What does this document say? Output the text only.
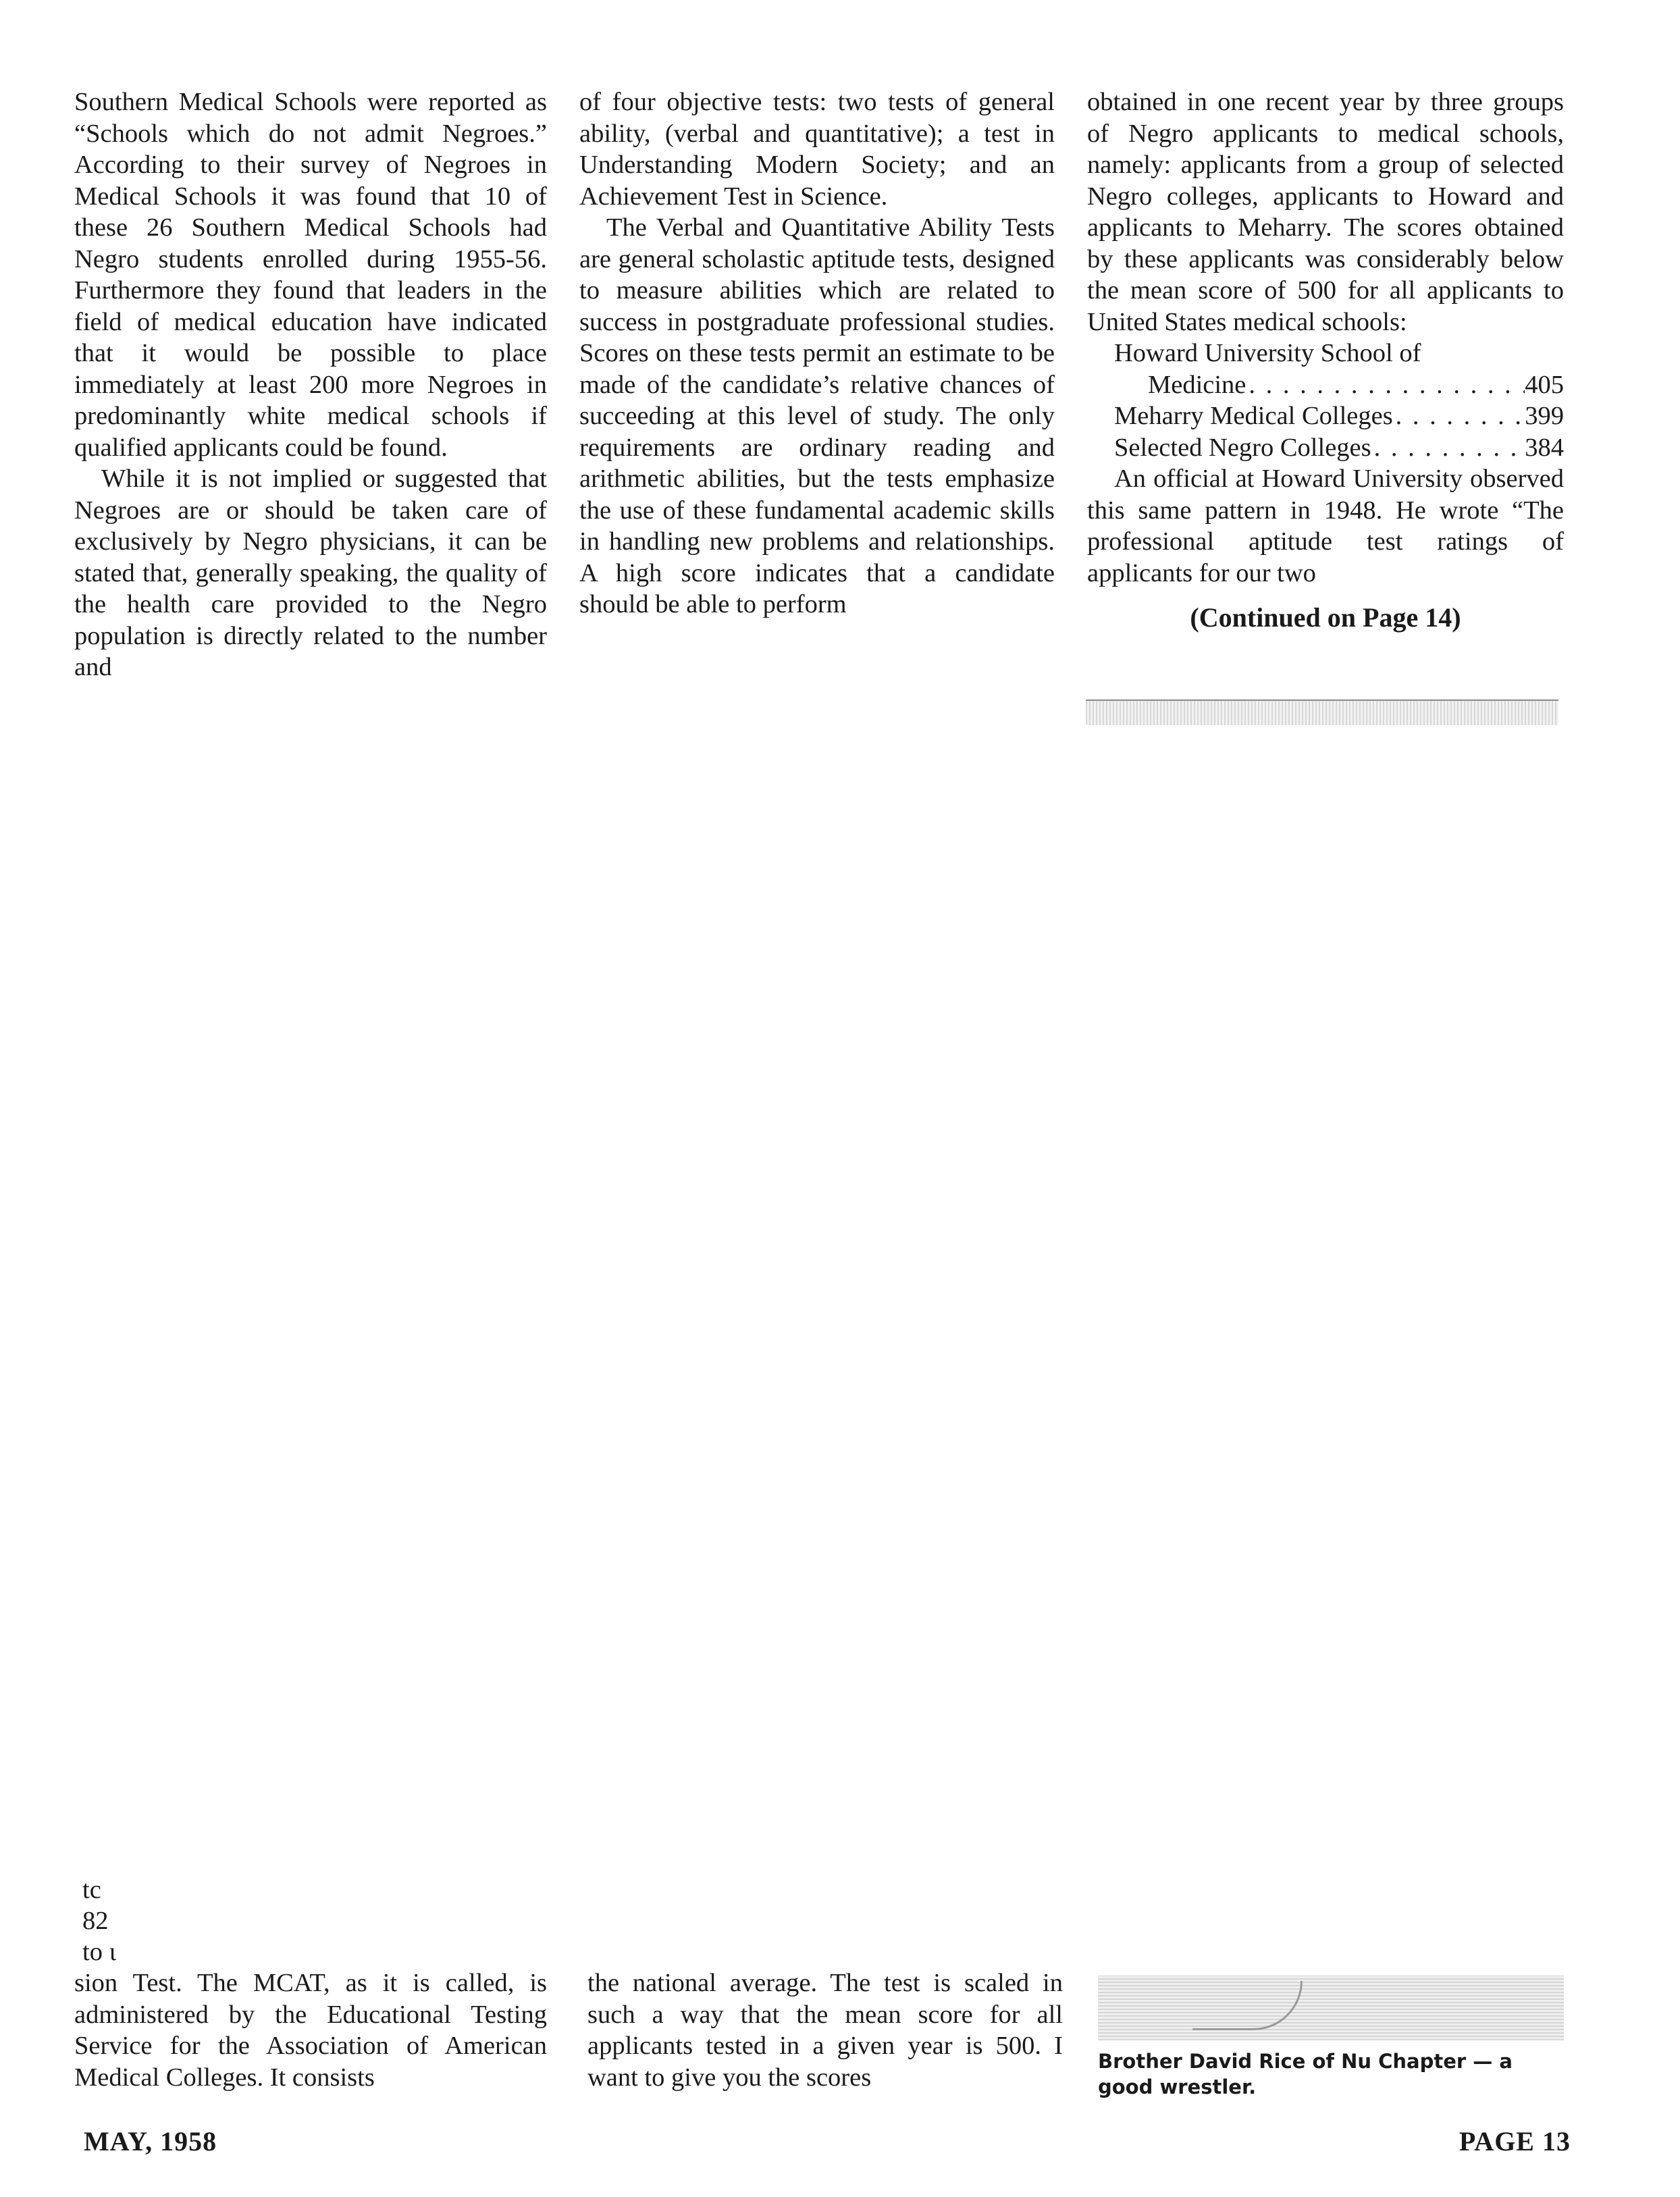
Southern Medical Schools were reported as “Schools which do not admit Negroes.” According to their survey of Negroes in Medical Schools it was found that 10 of these 26 Southern Medical Schools had Negro students enrolled during 1955-56. Furthermore they found that leaders in the field of medical education have indicated that it would be possible to place immediately at least 200 more Negroes in predominantly white medical schools if qualified applicants could be found.

While it is not implied or suggested that Negroes are or should be taken care of exclusively by Negro physicians, it can be stated that, generally speaking, the quality of the health care provided to the Negro population is directly related to the number and

of four objective tests: two tests of general ability, (verbal and quantitative); a test in Understanding Modern Society; and an Achievement Test in Science.

The Verbal and Quantitative Ability Tests are general scholastic aptitude tests, designed to measure abilities which are related to success in postgraduate professional studies. Scores on these tests permit an estimate to be made of the candidate’s relative chances of succeeding at this level of study. The only requirements are ordinary reading and arithmetic abilities, but the tests emphasize the use of these fundamental academic skills in handling new problems and relationships. A high score indicates that a candidate should be able to perform

obtained in one recent year by three groups of Negro applicants to medical schools, namely: applicants from a group of selected Negro colleges, applicants to Howard and applicants to Meharry. The scores obtained by these applicants was considerably below the mean score of 500 for all applicants to United States medical schools:

Howard University School of
Medicine . . .	405
Meharry Medical Colleges . . .	399
Selected Negro Colleges . . .	384

An official at Howard University observed this same pattern in 1948. He wrote “The professional aptitude test ratings of applicants for our two

(Continued on Page 14)

tc
82
to ι
sion Test. The MCAT, as it is called, is administered by the Educational Testing Service for the Association of American Medical Colleges. It consists
the national average. The test is scaled in such a way that the mean score for all applicants tested in a given year is 500. I want to give you the scores
Brother David Rice of Nu Chapter — a good wrestler.
MAY, 1958	PAGE 13
